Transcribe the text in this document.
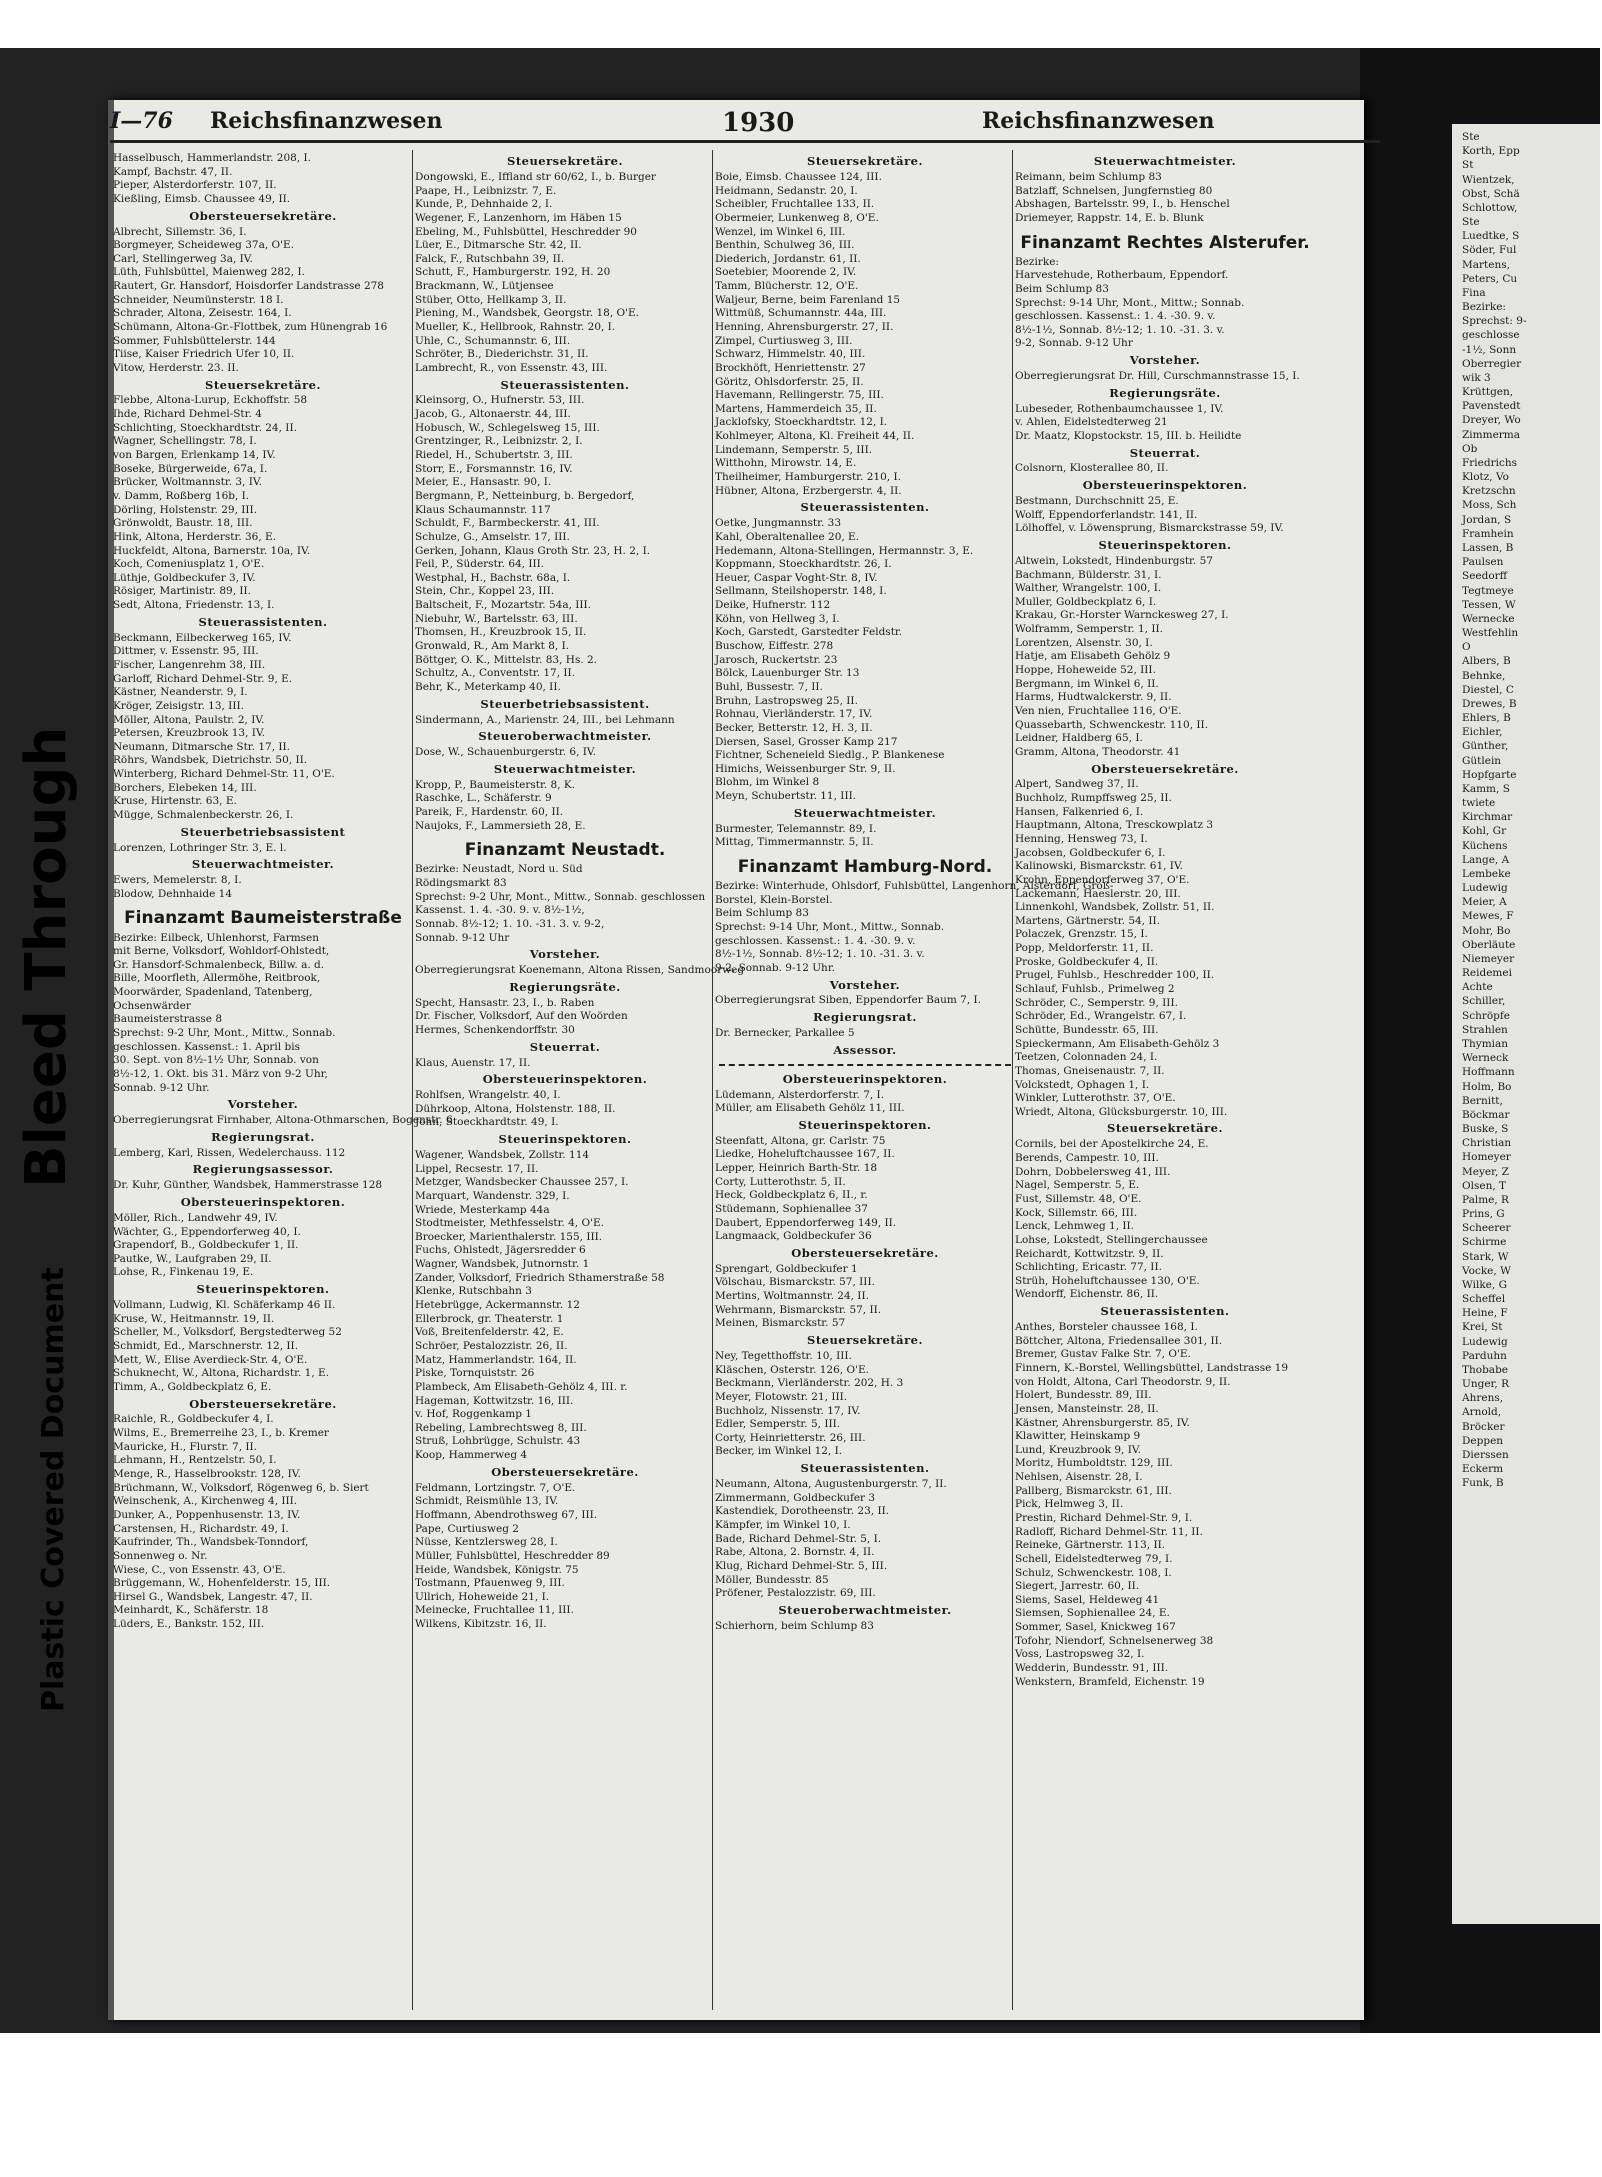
Bleed Through
Plastic Covered Document
I—76 Reichsfinanzwesen	1930	Reichsfinanzwesen
Hasselbusch, Hammerlandstr. 208, I.
Kampf, Bachstr. 47, II.
Pieper, Alsterdorferstr. 107, II.
Kießling, Eimsb. Chaussee 49, II.
Obersteuersekretäre.
Albrecht, Sillemstr. 36, I.
Borgmeyer, Scheideweg 37a, O'E.
Carl, Stellingerweg 3a, IV.
Lüth, Fuhlsbüttel, Maienweg 282, I.
Rautert, Gr. Hansdorf, Hoisdorfer Landstrasse 278
Schneider, Neumünsterstr. 18 I.
Schrader, Altona, Zeisestr. 164, I.
Schümann, Altona-Gr.-Flottbek, zum Hünengrab 16
Sommer, Fuhlsbüttelerstr. 144
Tiise, Kaiser Friedrich Ufer 10, II.
Vitow, Herderstr. 23. II.
Steuersekretäre.
Flebbe, Altona-Lurup, Eckhoffstr. 58
Ihde, Richard Dehmel-Str. 4
Schlichting, Stoeckhardtstr. 24, II.
Wagner, Schellingstr. 78, I.
von Bargen, Erlenkamp 14, IV.
Boseke, Bürgerweide, 67a, I.
Brücker, Woltmannstr. 3, IV.
v. Damm, Roßberg 16b, I.
Dörling, Holstenstr. 29, III.
Grönwoldt, Baustr. 18, III.
Hink, Altona, Herderstr. 36, E.
Huckfeldt, Altona, Barnerstr. 10a, IV.
Koch, Comeniusplatz 1, O'E.
Lüthje, Goldbeckufer 3, IV.
Rösiger, Martinistr. 89, II.
Sedt, Altona, Friedenstr. 13, I.
Steuerassistenten.
Beckmann, Eilbeckerweg 165, IV.
Dittmer, v. Essenstr. 95, III.
Fischer, Langenrehm 38, III.
Garloff, Richard Dehmel-Str. 9, E.
Kästner, Neanderstr. 9, I.
Kröger, Zeisigstr. 13, III.
Möller, Altona, Paulstr. 2, IV.
Petersen, Kreuzbrook 13, IV.
Neumann, Ditmarsche Str. 17, II.
Röhrs, Wandsbek, Dietrichstr. 50, II.
Winterberg, Richard Dehmel-Str. 11, O'E.
Borchers, Elebeken 14, III.
Kruse, Hirtenstr. 63, E.
Mügge, Schmalenbeckerstr. 26, I.
Steuerbetriebsassistent
Lorenzen, Lothringer Str. 3, E. l.
Steuerwachtmeister.
Ewers, Memelerstr. 8, I.
Blodow, Dehnhaide 14
Finanzamt Baumeisterstraße
Bezirke: Eilbeck, Uhlenhorst, Farmsen
mit Berne, Volksdorf, Wohldorf-Ohlstedt,
Gr. Hansdorf-Schmalenbeck, Billw. a. d.
Bille, Moorfleth, Allermöhe, Reitbrook,
Moorwärder, Spadenland, Tatenberg,
Ochsenwärder
Baumeisterstrasse 8
Sprechst: 9-2 Uhr, Mont., Mittw., Sonnab.
geschlossen. Kassenst.: 1. April bis
30. Sept. von 8½-1½ Uhr, Sonnab. von
8½-12, 1. Okt. bis 31. März von 9-2 Uhr,
Sonnab. 9-12 Uhr.
Vorsteher.
Oberregierungsrat Firnhaber, Altona-Othmarschen, Bogenstr. 6
Regierungsrat.
Lemberg, Karl, Rissen, Wedelerchauss. 112
Regierungsassessor.
Dr. Kuhr, Günther, Wandsbek, Hammerstrasse 128
Obersteuerinspektoren.
Möller, Rich., Landwehr 49, IV.
Wächter, G., Eppendorferweg 40, I.
Grapendorf, B., Goldbeckufer 1, II.
Pautke, W., Laufgraben 29, II.
Lohse, R., Finkenau 19, E.
Steuerinspektoren.
Vollmann, Ludwig, Kl. Schäferkamp 46 II.
Kruse, W., Heitmannstr. 19, II.
Scheller, M., Volksdorf, Bergstedterweg 52
Schmidt, Ed., Marschnerstr. 12, II.
Mett, W., Elise Averdieck-Str. 4, O'E.
Schuknecht, W., Altona, Richardstr. 1, E.
Timm, A., Goldbeckplatz 6, E.
Obersteuersekretäre.
Raichle, R., Goldbeckufer 4, I.
Wilms, E., Bremerreihe 23, I., b. Kremer
Mauricke, H., Flurstr. 7, II.
Lehmann, H., Rentzelstr. 50, I.
Menge, R., Hasselbrookstr. 128, IV.
Brüchmann, W., Volksdorf, Rögenweg 6, b. Siert
Weinschenk, A., Kirchenweg 4, III.
Dunker, A., Poppenhusenstr. 13, IV.
Carstensen, H., Richardstr. 49, I.
Kaufrinder, Th., Wandsbek-Tonndorf,
Sonnenweg o. Nr.
Wiese, C., von Essenstr. 43, O'E.
Brüggemann, W., Hohenfelderstr. 15, III.
Hirsel G., Wandsbek, Langestr. 47, II.
Meinhardt, K., Schäferstr. 18
Lüders, E., Bankstr. 152, III.
Steuersekretäre.
Dongowski, E., Iffland str 60/62, I., b. Burger
Paape, H., Leibnizstr. 7, E.
Kunde, P., Dehnhaide 2, I.
Wegener, F., Lanzenhorn, im Häben 15
Ebeling, M., Fuhlsbüttel, Heschredder 90
Lüer, E., Ditmarsche Str. 42, II.
Falck, F., Rutschbahn 39, II.
Schutt, F., Hamburgerstr. 192, H. 20
Brackmann, W., Lütjensee
Stüber, Otto, Hellkamp 3, II.
Piening, M., Wandsbek, Georgstr. 18, O'E.
Mueller, K., Hellbrook, Rahnstr. 20, I.
Uhle, C., Schumannstr. 6, III.
Schröter, B., Diederichstr. 31, II.
Lambrecht, R., von Essenstr. 43, III.
Steuerassistenten.
Kleinsorg, O., Hufnerstr. 53, III.
Jacob, G., Altonaerstr. 44, III.
Hobusch, W., Schlegelsweg 15, III.
Grentzinger, R., Leibnizstr. 2, I.
Riedel, H., Schubertstr. 3, III.
Storr, E., Forsmannstr. 16, IV.
Meier, E., Hansastr. 90, I.
Bergmann, P., Netteinburg, b. Bergedorf,
Klaus Schaumannstr. 117
Schuldt, F., Barmbeckerstr. 41, III.
Schulze, G., Amselstr. 17, III.
Gerken, Johann, Klaus Groth Str. 23, H. 2, I.
Feil, P., Süderstr. 64, III.
Westphal, H., Bachstr. 68a, I.
Stein, Chr., Koppel 23, III.
Baltscheit, F., Mozartstr. 54a, III.
Niebuhr, W., Bartelsstr. 63, III.
Thomsen, H., Kreuzbrook 15, II.
Gronwald, R., Am Markt 8, I.
Böttger, O. K., Mittelstr. 83, Hs. 2.
Schultz, A., Conventstr. 17, II.
Behr, K., Meterkamp 40, II.
Steuerbetriebsassistent.
Sindermann, A., Marienstr. 24, III., bei Lehmann
Steueroberwachtmeister.
Dose, W., Schauenburgerstr. 6, IV.
Steuerwachtmeister.
Kropp, P., Baumeisterstr. 8, K.
Raschke, L., Schäferstr. 9
Pareik, F., Hardenstr. 60, II.
Naujoks, F., Lammersieth 28, E.
Finanzamt Neustadt.
Bezirke: Neustadt, Nord u. Süd
Rödingsmarkt 83
Sprechst: 9-2 Uhr, Mont., Mittw., Sonnab. geschlossen
Kassenst. 1. 4. -30. 9. v. 8½-1½,
Sonnab. 8½-12; 1. 10. -31. 3. v. 9-2,
Sonnab. 9-12 Uhr
Vorsteher.
Oberregierungsrat Koenemann, Altona Rissen, Sandmoorweg
Regierungsräte.
Specht, Hansastr. 23, I., b. Raben
Dr. Fischer, Volksdorf, Auf den Woörden
Hermes, Schenkendorffstr. 30
Steuerrat.
Klaus, Auenstr. 17, II.
Obersteuerinspektoren.
Rohlfsen, Wrangelstr. 40, I.
Dührkoop, Altona, Holstenstr. 188, II.
John, Stoeckhardtstr. 49, I.
Steuerinspektoren.
Wagener, Wandsbek, Zollstr. 114
Lippel, Recsestr. 17, II.
Metzger, Wandsbecker Chaussee 257, I.
Marquart, Wandenstr. 329, I.
Wriede, Mesterkamp 44a
Stodtmeister, Methfesselstr. 4, O'E.
Broecker, Marienthalerstr. 155, III.
Fuchs, Ohlstedt, Jägersredder 6
Wagner, Wandsbek, Jutnornstr. 1
Zander, Volksdorf, Friedrich Sthamerstraße 58
Klenke, Rutschbahn 3
Hetebrügge, Ackermannstr. 12
Ellerbrock, gr. Theaterstr. 1
Voß, Breitenfelderstr. 42, E.
Schröer, Pestalozzistr. 26, II.
Matz, Hammerlandstr. 164, II.
Piske, Tornquiststr. 26
Plambeck, Am Elisabeth-Gehölz 4, III. r.
Hageman, Kottwitzstr. 16, III.
v. Hof, Roggenkamp 1
Rebeling, Lambrechtsweg 8, III.
Struß, Lohbrügge, Schulstr. 43
Koop, Hammerweg 4
Obersteuersekretäre.
Feldmann, Lortzingstr. 7, O'E.
Schmidt, Reismühle 13, IV.
Hoffmann, Abendrothsweg 67, III.
Pape, Curtiusweg 2
Nüsse, Kentzlersweg 28, I.
Müller, Fuhlsbüttel, Heschredder 89
Heide, Wandsbek, Königstr. 75
Tostmann, Pfauenweg 9, III.
Ullrich, Hoheweide 21, I.
Meinecke, Fruchtallee 11, III.
Wilkens, Kibitzstr. 16, II.
Steuersekretäre.
Boie, Eimsb. Chaussee 124, III.
Heidmann, Sedanstr. 20, I.
Scheibler, Fruchtallee 133, II.
Obermeier, Lunkenweg 8, O'E.
Wenzel, im Winkel 6, III.
Benthin, Schulweg 36, III.
Diederich, Jordanstr. 61, II.
Soetebier, Moorende 2, IV.
Tamm, Blücherstr. 12, O'E.
Waljeur, Berne, beim Farenland 15
Wittmüß, Schumannstr. 44a, III.
Henning, Ahrensburgerstr. 27, II.
Zimpel, Curtiusweg 3, III.
Schwarz, Himmelstr. 40, III.
Brockhöft, Henriettenstr. 27
Göritz, Ohlsdorferstr. 25, II.
Havemann, Rellingerstr. 75, III.
Martens, Hammerdeich 35, II.
Jacklofsky, Stoeckhardtstr. 12, I.
Kohlmeyer, Altona, Kl. Freiheit 44, II.
Lindemann, Semperstr. 5, III.
Witthohn, Mirowstr. 14, E.
Theilheimer, Hamburgerstr. 210, I.
Hübner, Altona, Erzbergerstr. 4, II.
Steuerassistenten.
Oetke, Jungmannstr. 33
Kahl, Oberaltenallee 20, E.
Hedemann, Altona-Stellingen, Hermannstr. 3, E.
Koppmann, Stoeckhardtstr. 26, I.
Heuer, Caspar Voght-Str. 8, IV.
Sellmann, Steilshoperstr. 148, I.
Deike, Hufnerstr. 112
Köhn, von Hellweg 3, I.
Koch, Garstedt, Garstedter Feldstr.
Buschow, Eiffestr. 278
Jarosch, Ruckertstr. 23
Bölck, Lauenburger Str. 13
Buhl, Bussestr. 7, II.
Bruhn, Lastropsweg 25, II.
Rohnau, Vierländerstr. 17, IV.
Becker, Betterstr. 12, H. 3, II.
Diersen, Sasel, Grosser Kamp 217
Fichtner, Scheneield Siedlg., P. Blankenese
Himichs, Weissenburger Str. 9, II.
Blohm, im Winkel 8
Meyn, Schubertstr. 11, III.
Steuerwachtmeister.
Burmester, Telemannstr. 89, I.
Mittag, Timmermannstr. 5, II.
Finanzamt Hamburg-Nord.
Bezirke: Winterhude, Ohlsdorf, Fuhlsbüttel, Langenhorn, Alsterdorf, Groß-
Borstel, Klein-Borstel.
Beim Schlump 83
Sprechst: 9-14 Uhr, Mont., Mittw., Sonnab.
geschlossen. Kassenst.: 1. 4. -30. 9. v.
8½-1½, Sonnab. 8½-12; 1. 10. -31. 3. v.
9-2, Sonnab. 9-12 Uhr.
Vorsteher.
Oberregierungsrat Siben, Eppendorfer Baum 7, I.
Regierungsrat.
Dr. Bernecker, Parkallee 5
Assessor.
Obersteuerinspektoren.
Lüdemann, Alsterdorferstr. 7, I.
Müller, am Elisabeth Gehölz 11, III.
Steuerinspektoren.
Steenfatt, Altona, gr. Carlstr. 75
Liedke, Hoheluftchaussee 167, II.
Lepper, Heinrich Barth-Str. 18
Corty, Lutterothstr. 5, II.
Heck, Goldbeckplatz 6, II., r.
Stüdemann, Sophienallee 37
Daubert, Eppendorferweg 149, II.
Langmaack, Goldbeckufer 36
Obersteuersekretäre.
Sprengart, Goldbeckufer 1
Völschau, Bismarckstr. 57, III.
Mertins, Woltmannstr. 24, II.
Wehrmann, Bismarckstr. 57, II.
Meinen, Bismarckstr. 57
Steuersekretäre.
Ney, Tegetthoffstr. 10, III.
Kläschen, Osterstr. 126, O'E.
Beckmann, Vierländerstr. 202, H. 3
Meyer, Flotowstr. 21, III.
Buchholz, Nissenstr. 17, IV.
Edler, Semperstr. 5, III.
Corty, Heinrietterstr. 26, III.
Becker, im Winkel 12, I.
Steuerassistenten.
Neumann, Altona, Augustenburgerstr. 7, II.
Zimmermann, Goldbeckufer 3
Kastendiek, Dorotheenstr. 23, II.
Kämpfer, im Winkel 10, I.
Bade, Richard Dehmel-Str. 5, I.
Rabe, Altona, 2. Bornstr. 4, II.
Klug, Richard Dehmel-Str. 5, III.
Möller, Bundesstr. 85
Pröfener, Pestalozzistr. 69, III.
Steueroberwachtmeister.
Schierhorn, beim Schlump 83
Steuerwachtmeister.
Reimann, beim Schlump 83
Batzlaff, Schnelsen, Jungfernstieg 80
Abshagen, Bartelsstr. 99, I., b. Henschel
Driemeyer, Rappstr. 14, E. b. Blunk
Finanzamt Rechtes Alsterufer.
Bezirke:
Harvestehude, Rotherbaum, Eppendorf.
Beim Schlump 83
Sprechst: 9-14 Uhr, Mont., Mittw.; Sonnab.
geschlossen. Kassenst.: 1. 4. -30. 9. v.
8½-1½, Sonnab. 8½-12; 1. 10. -31. 3. v.
9-2, Sonnab. 9-12 Uhr
Vorsteher.
Oberregierungsrat Dr. Hill, Curschmannstrasse 15, I.
Regierungsräte.
Lubeseder, Rothenbaumchaussee 1, IV.
v. Ahlen, Eidelstedterweg 21
Dr. Maatz, Klopstockstr. 15, III. b. Heilidte
Steuerrat.
Colsnorn, Klosterallee 80, II.
Obersteuerinspektoren.
Bestmann, Durchschnitt 25, E.
Wolff, Eppendorferlandstr. 141, II.
Lölhoffel, v. Löwensprung, Bismarckstrasse 59, IV.
Steuerinspektoren.
Altwein, Lokstedt, Hindenburgstr. 57
Bachmann, Bülderstr. 31, I.
Walther, Wrangelstr. 100, I.
Muller, Goldbeckplatz 6, I.
Krakau, Gr.-Horster Warnckesweg 27, I.
Wolframm, Semperstr. 1, II.
Lorentzen, Alsenstr. 30, I.
Hatje, am Elisabeth Gehölz 9
Hoppe, Hoheweide 52, III.
Bergmann, im Winkel 6, II.
Harms, Hudtwalckerstr. 9, II.
Ven nien, Fruchtallee 116, O'E.
Quassebarth, Schwenckestr. 110, II.
Leidner, Haldberg 65, I.
Gramm, Altona, Theodorstr. 41
Obersteuersekretäre.
Alpert, Sandweg 37, II.
Buchholz, Rumpffsweg 25, II.
Hansen, Falkenried 6, I.
Hauptmann, Altona, Tresckowplatz 3
Henning, Hensweg 73, I.
Jacobsen, Goldbeckufer 6, I.
Kalinowski, Bismarckstr. 61, IV.
Krohn, Eppendorferweg 37, O'E.
Lackemann, Haeslerstr. 20, III.
Linnenkohl, Wandsbek, Zollstr. 51, II.
Martens, Gärtnerstr. 54, II.
Polaczek, Grenzstr. 15, I.
Popp, Meldorferstr. 11, II.
Proske, Goldbeckufer 4, II.
Prugel, Fuhlsb., Heschredder 100, II.
Schlauf, Fuhlsb., Primelweg 2
Schröder, C., Semperstr. 9, III.
Schröder, Ed., Wrangelstr. 67, I.
Schütte, Bundesstr. 65, III.
Spieckermann, Am Elisabeth-Gehölz 3
Teetzen, Colonnaden 24, I.
Thomas, Gneisenaustr. 7, II.
Volckstedt, Ophagen 1, I.
Winkler, Lutterothstr. 37, O'E.
Wriedt, Altona, Glücksburgerstr. 10, III.
Steuersekretäre.
Cornils, bei der Apostelkirche 24, E.
Berends, Campestr. 10, III.
Dohrn, Dobbelersweg 41, III.
Nagel, Semperstr. 5, E.
Fust, Sillemstr. 48, O'E.
Kock, Sillemstr. 66, III.
Lenck, Lehmweg 1, II.
Lohse, Lokstedt, Stellingerchaussee
Reichardt, Kottwitzstr. 9, II.
Schlichting, Ericastr. 77, II.
Strüh, Hoheluftchaussee 130, O'E.
Wendorff, Eichenstr. 86, II.
Steuerassistenten.
Anthes, Borsteler chaussee 168, I.
Böttcher, Altona, Friedensallee 301, II.
Bremer, Gustav Falke Str. 7, O'E.
Finnern, K.-Borstel, Wellingsbüttel, Landstrasse 19
von Holdt, Altona, Carl Theodorstr. 9, II.
Holert, Bundesstr. 89, III.
Jensen, Mansteinstr. 28, II.
Kästner, Ahrensburgerstr. 85, IV.
Klawitter, Heinskamp 9
Lund, Kreuzbrook 9, IV.
Moritz, Humboldtstr. 129, III.
Nehlsen, Aisenstr. 28, I.
Pallberg, Bismarckstr. 61, III.
Pick, Helmweg 3, II.
Prestin, Richard Dehmel-Str. 9, I.
Radloff, Richard Dehmel-Str. 11, II.
Reineke, Gärtnerstr. 113, II.
Schell, Eidelstedterweg 79, I.
Schulz, Schwenckestr. 108, I.
Siegert, Jarrestr. 60, II.
Siems, Sasel, Heldeweg 41
Siemsen, Sophienallee 24, E.
Sommer, Sasel, Knickweg 167
Tofohr, Niendorf, Schnelsenerweg 38
Voss, Lastropsweg 32, I.
Wedderin, Bundesstr. 91, III.
Wenkstern, Bramfeld, Eichenstr. 19
Ste
Korth, Epp
St
Wientzek,
Obst, Schä
Schlottow,
Ste
Luedtke, S
Söder, Ful
Martens,
Peters, Cu
Fina
Bezirke:
Sprechst: 9-
geschlosse
-1½, Sonn
Oberregier
wik 3
Krüttgen,
Pavenstedt
Dreyer, Wo
Zimmerma
Ob
Friedrichs
Klotz, Vo
Kretzschn
Moss, Sch
Jordan, S
Framhein
Lassen, B
Paulsen
Seedorff
Tegtmeye
Tessen, W
Wernecke
Westfehlin
O
Albers, B
Behnke,
Diestel, C
Drewes, B
Ehlers, B
Eichler,
Günther,
Gütlein
Hopfgarte
Kamm, S
twiete
Kirchmar
Kohl, Gr
Küchens
Lange, A
Lembeke
Ludewig
Meier, A
Mewes, F
Mohr, Bo
Oberläute
Niemeyer
Reidemei
Achte
Schiller,
Schröpfe
Strahlen
Thymian
Werneck
Hoffmann
Holm, Bo
Bernitt,
Böckmar
Buske, S
Christian
Homeyer
Meyer, Z
Olsen, T
Palme, R
Prins, G
Scheerer
Schirme
Stark, W
Vocke, W
Wilke, G
Scheffel
Heine, F
Krei, St
Ludewig
Parduhn
Thobabe
Unger, R
Ahrens,
Arnold,
Bröcker
Deppen
Dierssen
Eckerm
Funk, B
